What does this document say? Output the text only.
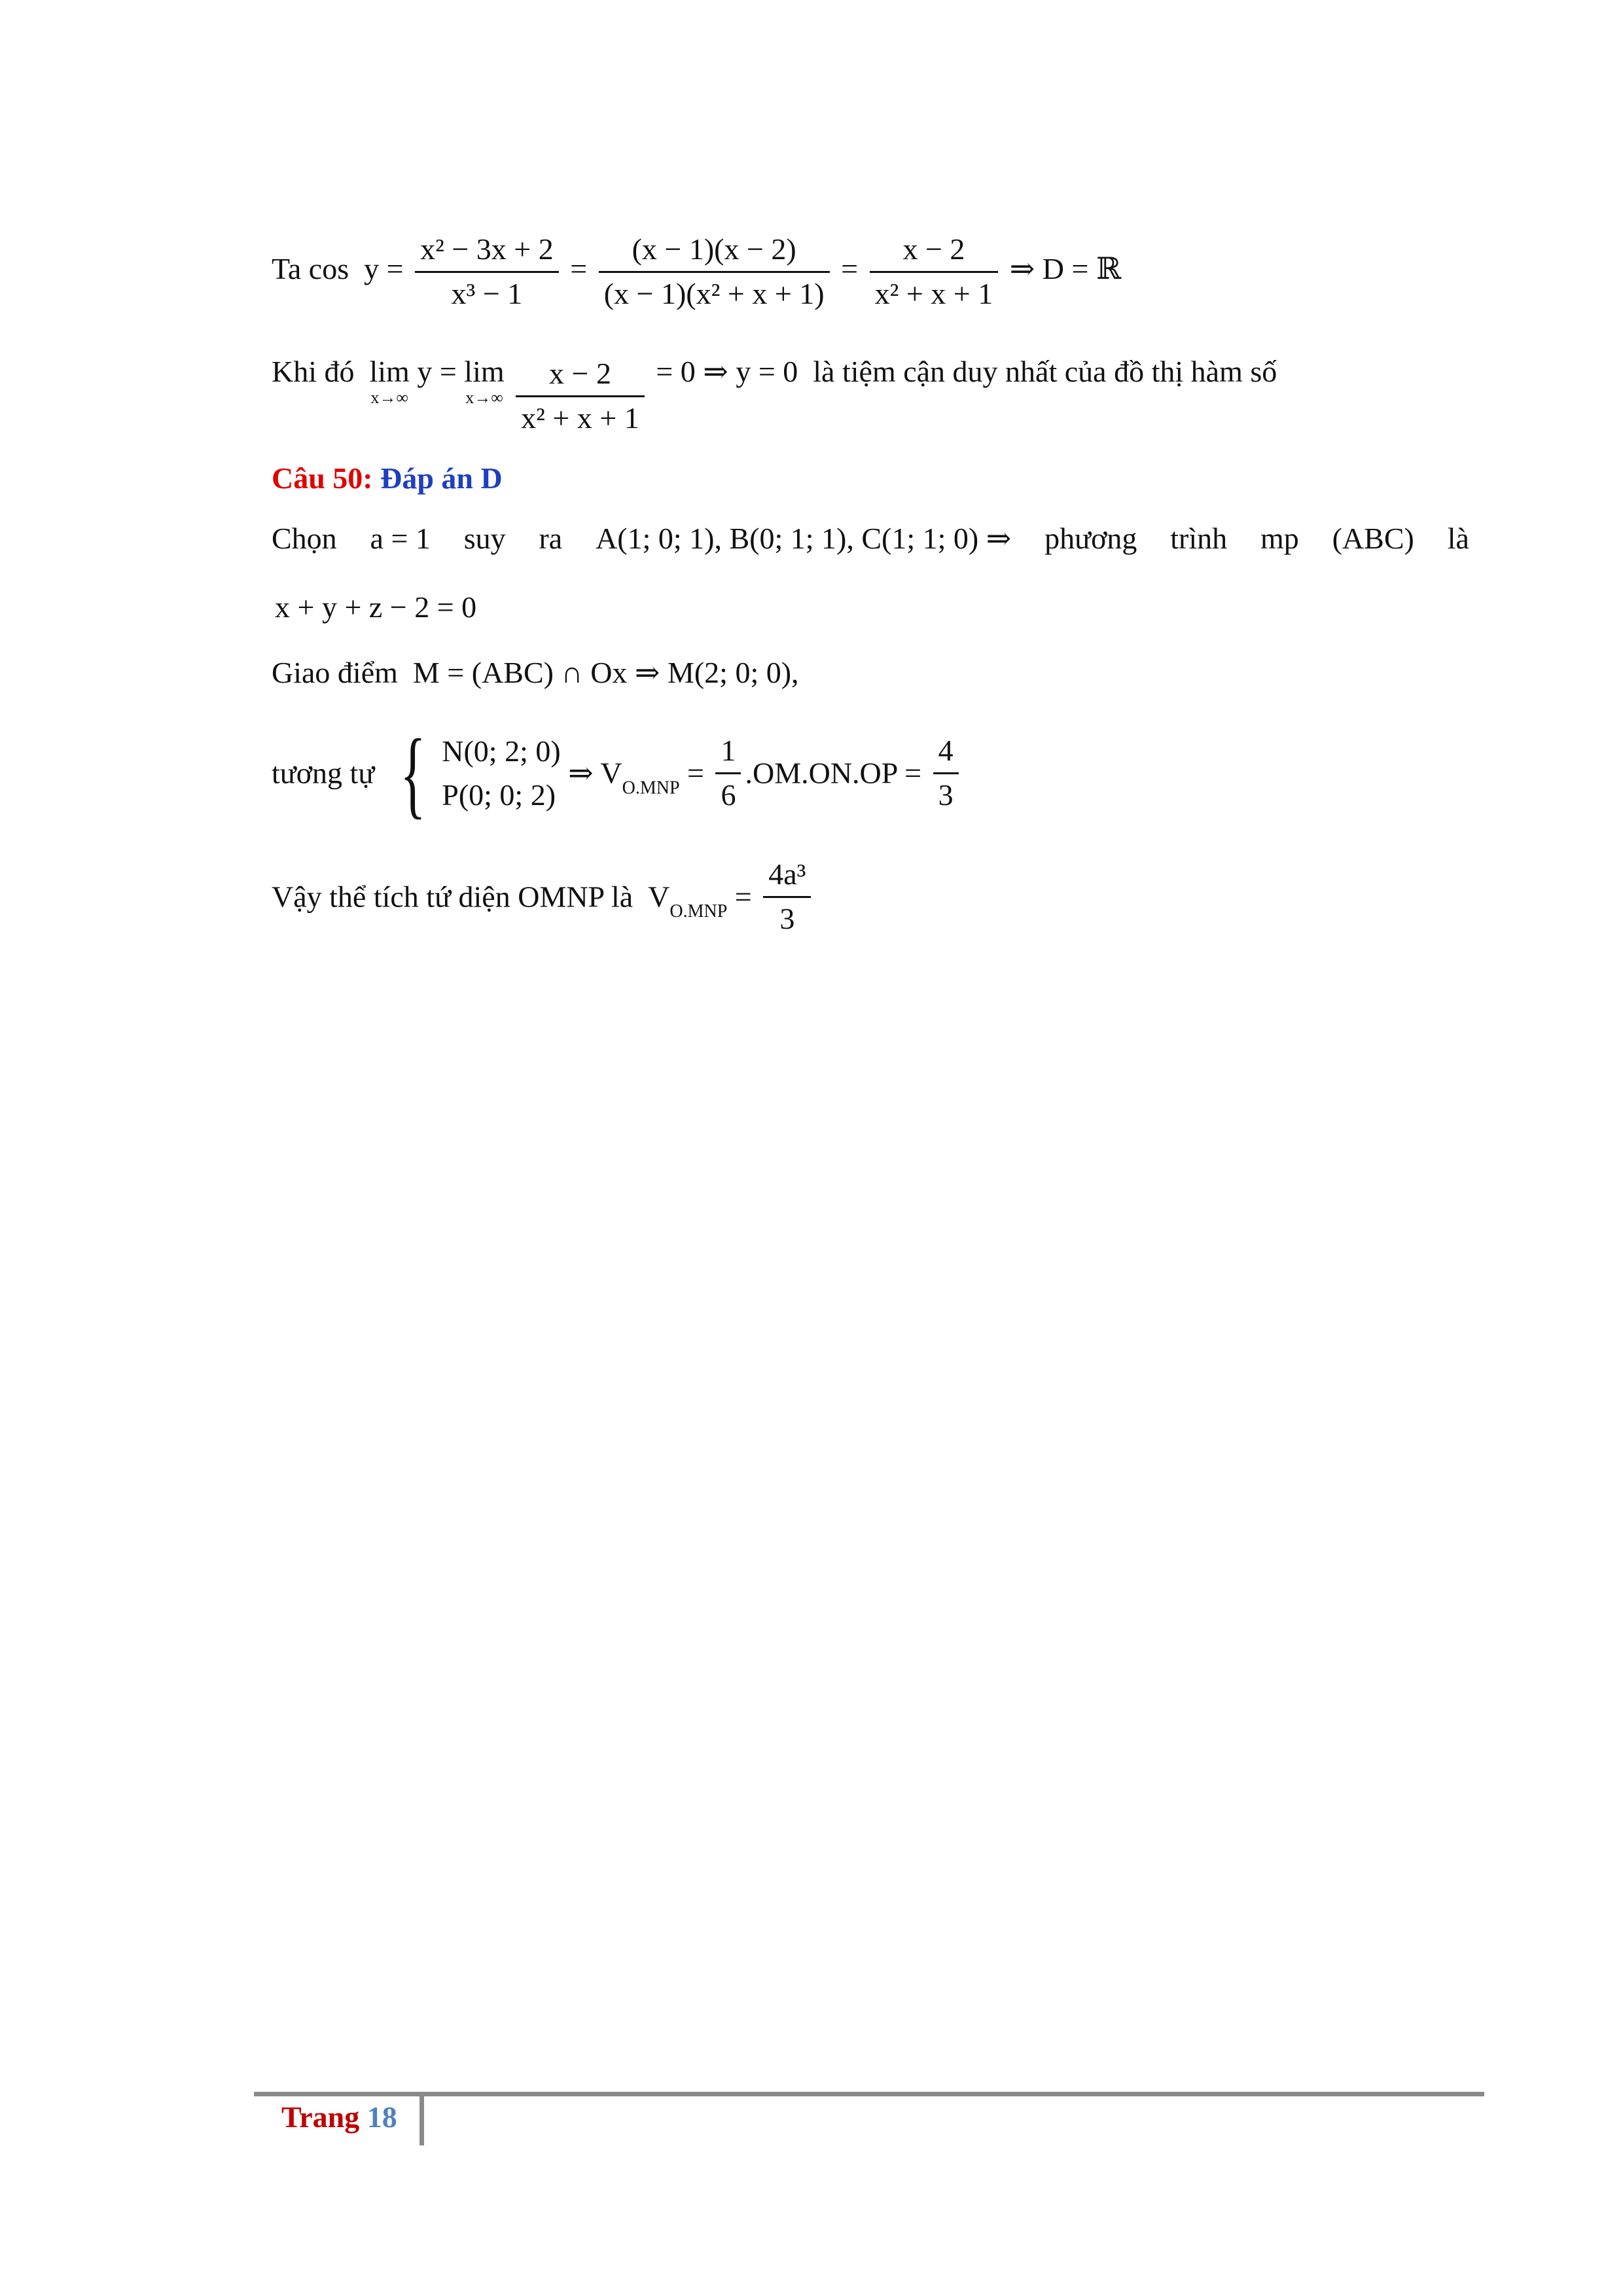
Ta $\cos y = \frac{\text{x² − 3x + 2}}{\text{x³ − 1}} = \frac{(x - 1)(x - 2)}{\text{(x − 1)(x² + x + 1)}} = \frac{x - 2}{\text{x² + x + 1}}$ ⇒ D = ℝ
Khi đó lim
x→∞
y = lim
x→∞
$\frac{x - 2}{\text{x² + x + 1}} = 0$ ⇒ y = 0 là tiệm cận duy nhất của đồ thị hàm số
Câu 50: Đáp án D
Chọn a = 1 suy ra A(1; 0; 1), B(0; 1; 1), C(1; 1; 0) ⇒ phương trình mp (ABC) là
x + y + z − 2 = 0
Giao điểm M = (ABC) ∩ Ox ⇒ M(2; 0; 0),
tương tự { N(0; 2; 0)
P(0; 0; 2)
⇒ $V_{O.MNP} = \frac{1}{6} .OM.ON.OP = \frac{4}{3}$
Vậy thể tích tứ diện OMNP là $V_{O.MNP} = \frac{\text{4a³}}{3}$
Trang 18
